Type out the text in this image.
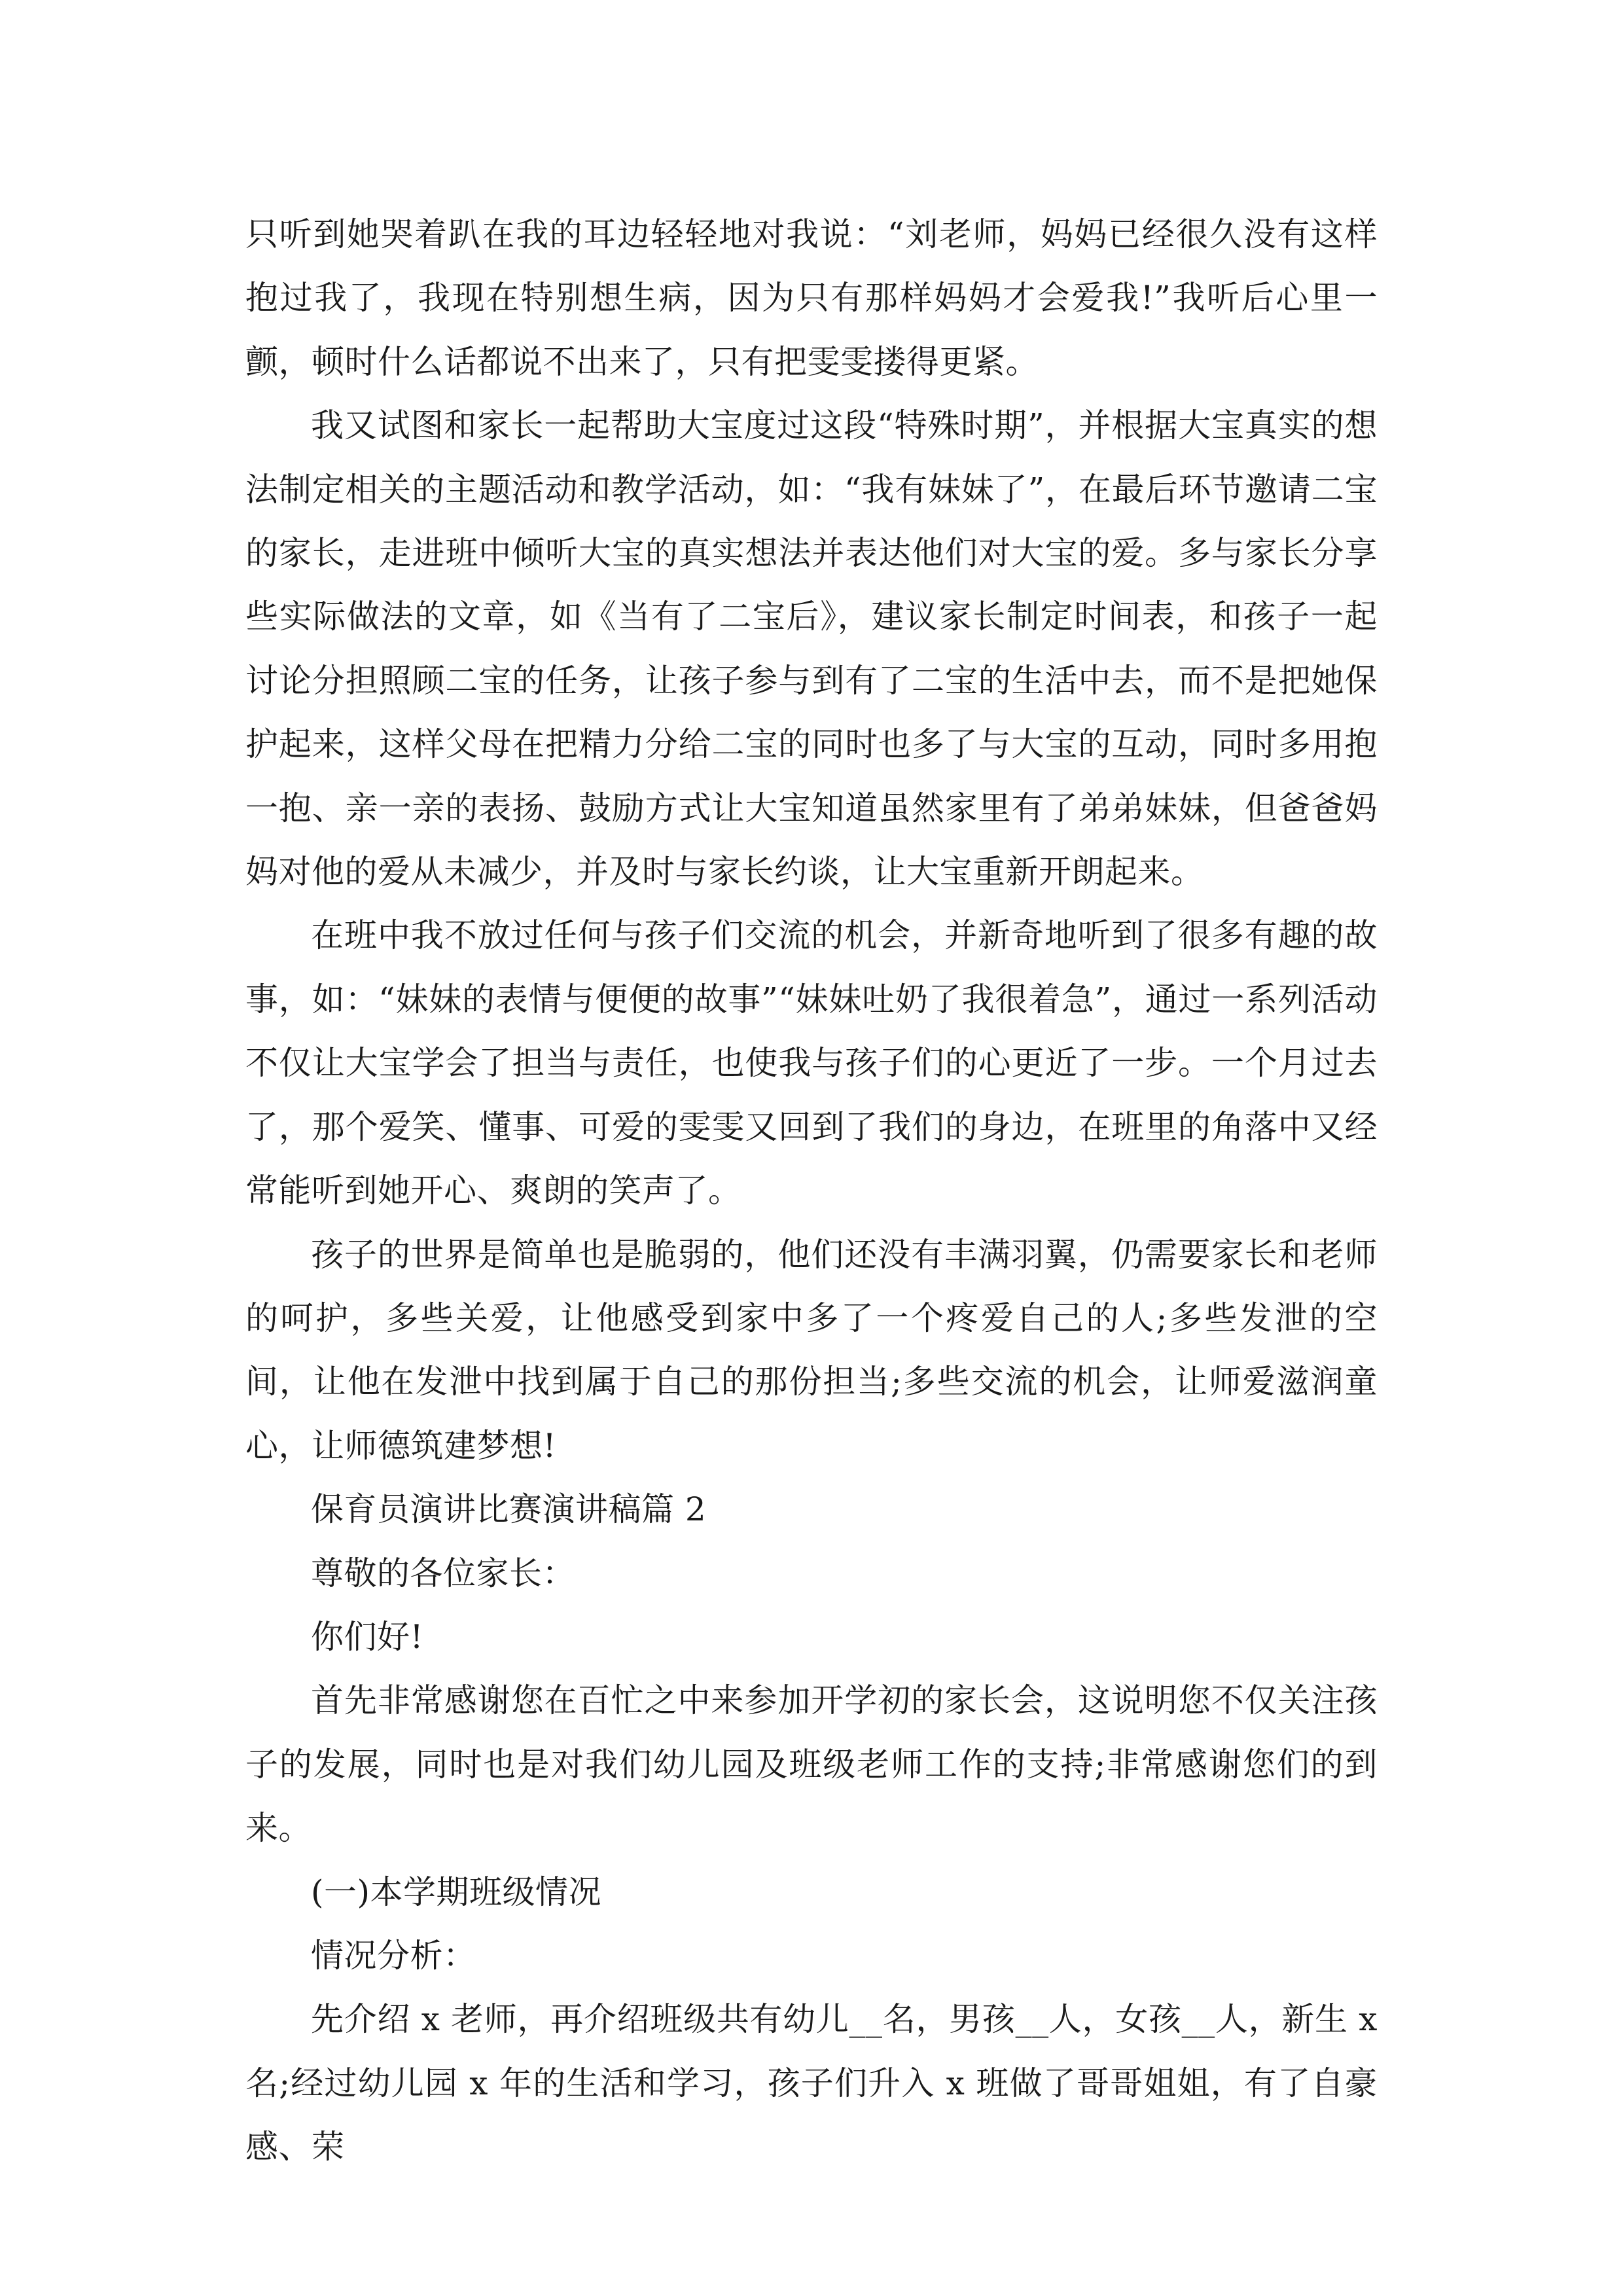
只听到她哭着趴在我的耳边轻轻地对我说：“刘老师，妈妈已经很久没有这样抱过我了，我现在特别想生病，因为只有那样妈妈才会爱我!”我听后心里一颤，顿时什么话都说不出来了，只有把雯雯搂得更紧。

我又试图和家长一起帮助大宝度过这段“特殊时期”，并根据大宝真实的想法制定相关的主题活动和教学活动，如：“我有妹妹了”，在最后环节邀请二宝的家长，走进班中倾听大宝的真实想法并表达他们对大宝的爱。多与家长分享些实际做法的文章，如《当有了二宝后》，建议家长制定时间表，和孩子一起讨论分担照顾二宝的任务，让孩子参与到有了二宝的生活中去，而不是把她保护起来，这样父母在把精力分给二宝的同时也多了与大宝的互动，同时多用抱一抱、亲一亲的表扬、鼓励方式让大宝知道虽然家里有了弟弟妹妹，但爸爸妈妈对他的爱从未减少，并及时与家长约谈，让大宝重新开朗起来。

在班中我不放过任何与孩子们交流的机会，并新奇地听到了很多有趣的故事，如：“妹妹的表情与便便的故事”“妹妹吐奶了我很着急”，通过一系列活动不仅让大宝学会了担当与责任，也使我与孩子们的心更近了一步。一个月过去了，那个爱笑、懂事、可爱的雯雯又回到了我们的身边，在班里的角落中又经常能听到她开心、爽朗的笑声了。

孩子的世界是简单也是脆弱的，他们还没有丰满羽翼，仍需要家长和老师的呵护，多些关爱，让他感受到家中多了一个疼爱自己的人;多些发泄的空间，让他在发泄中找到属于自己的那份担当;多些交流的机会，让师爱滋润童心，让师德筑建梦想!

保育员演讲比赛演讲稿篇 2

尊敬的各位家长：

你们好!

首先非常感谢您在百忙之中来参加开学初的家长会，这说明您不仅关注孩子的发展，同时也是对我们幼儿园及班级老师工作的支持;非常感谢您们的到来。

(一)本学期班级情况

情况分析：

先介绍 x 老师，再介绍班级共有幼儿__名，男孩__人，女孩__人，新生 x 名;经过幼儿园 x 年的生活和学习，孩子们升入 x 班做了哥哥姐姐，有了自豪感、荣
